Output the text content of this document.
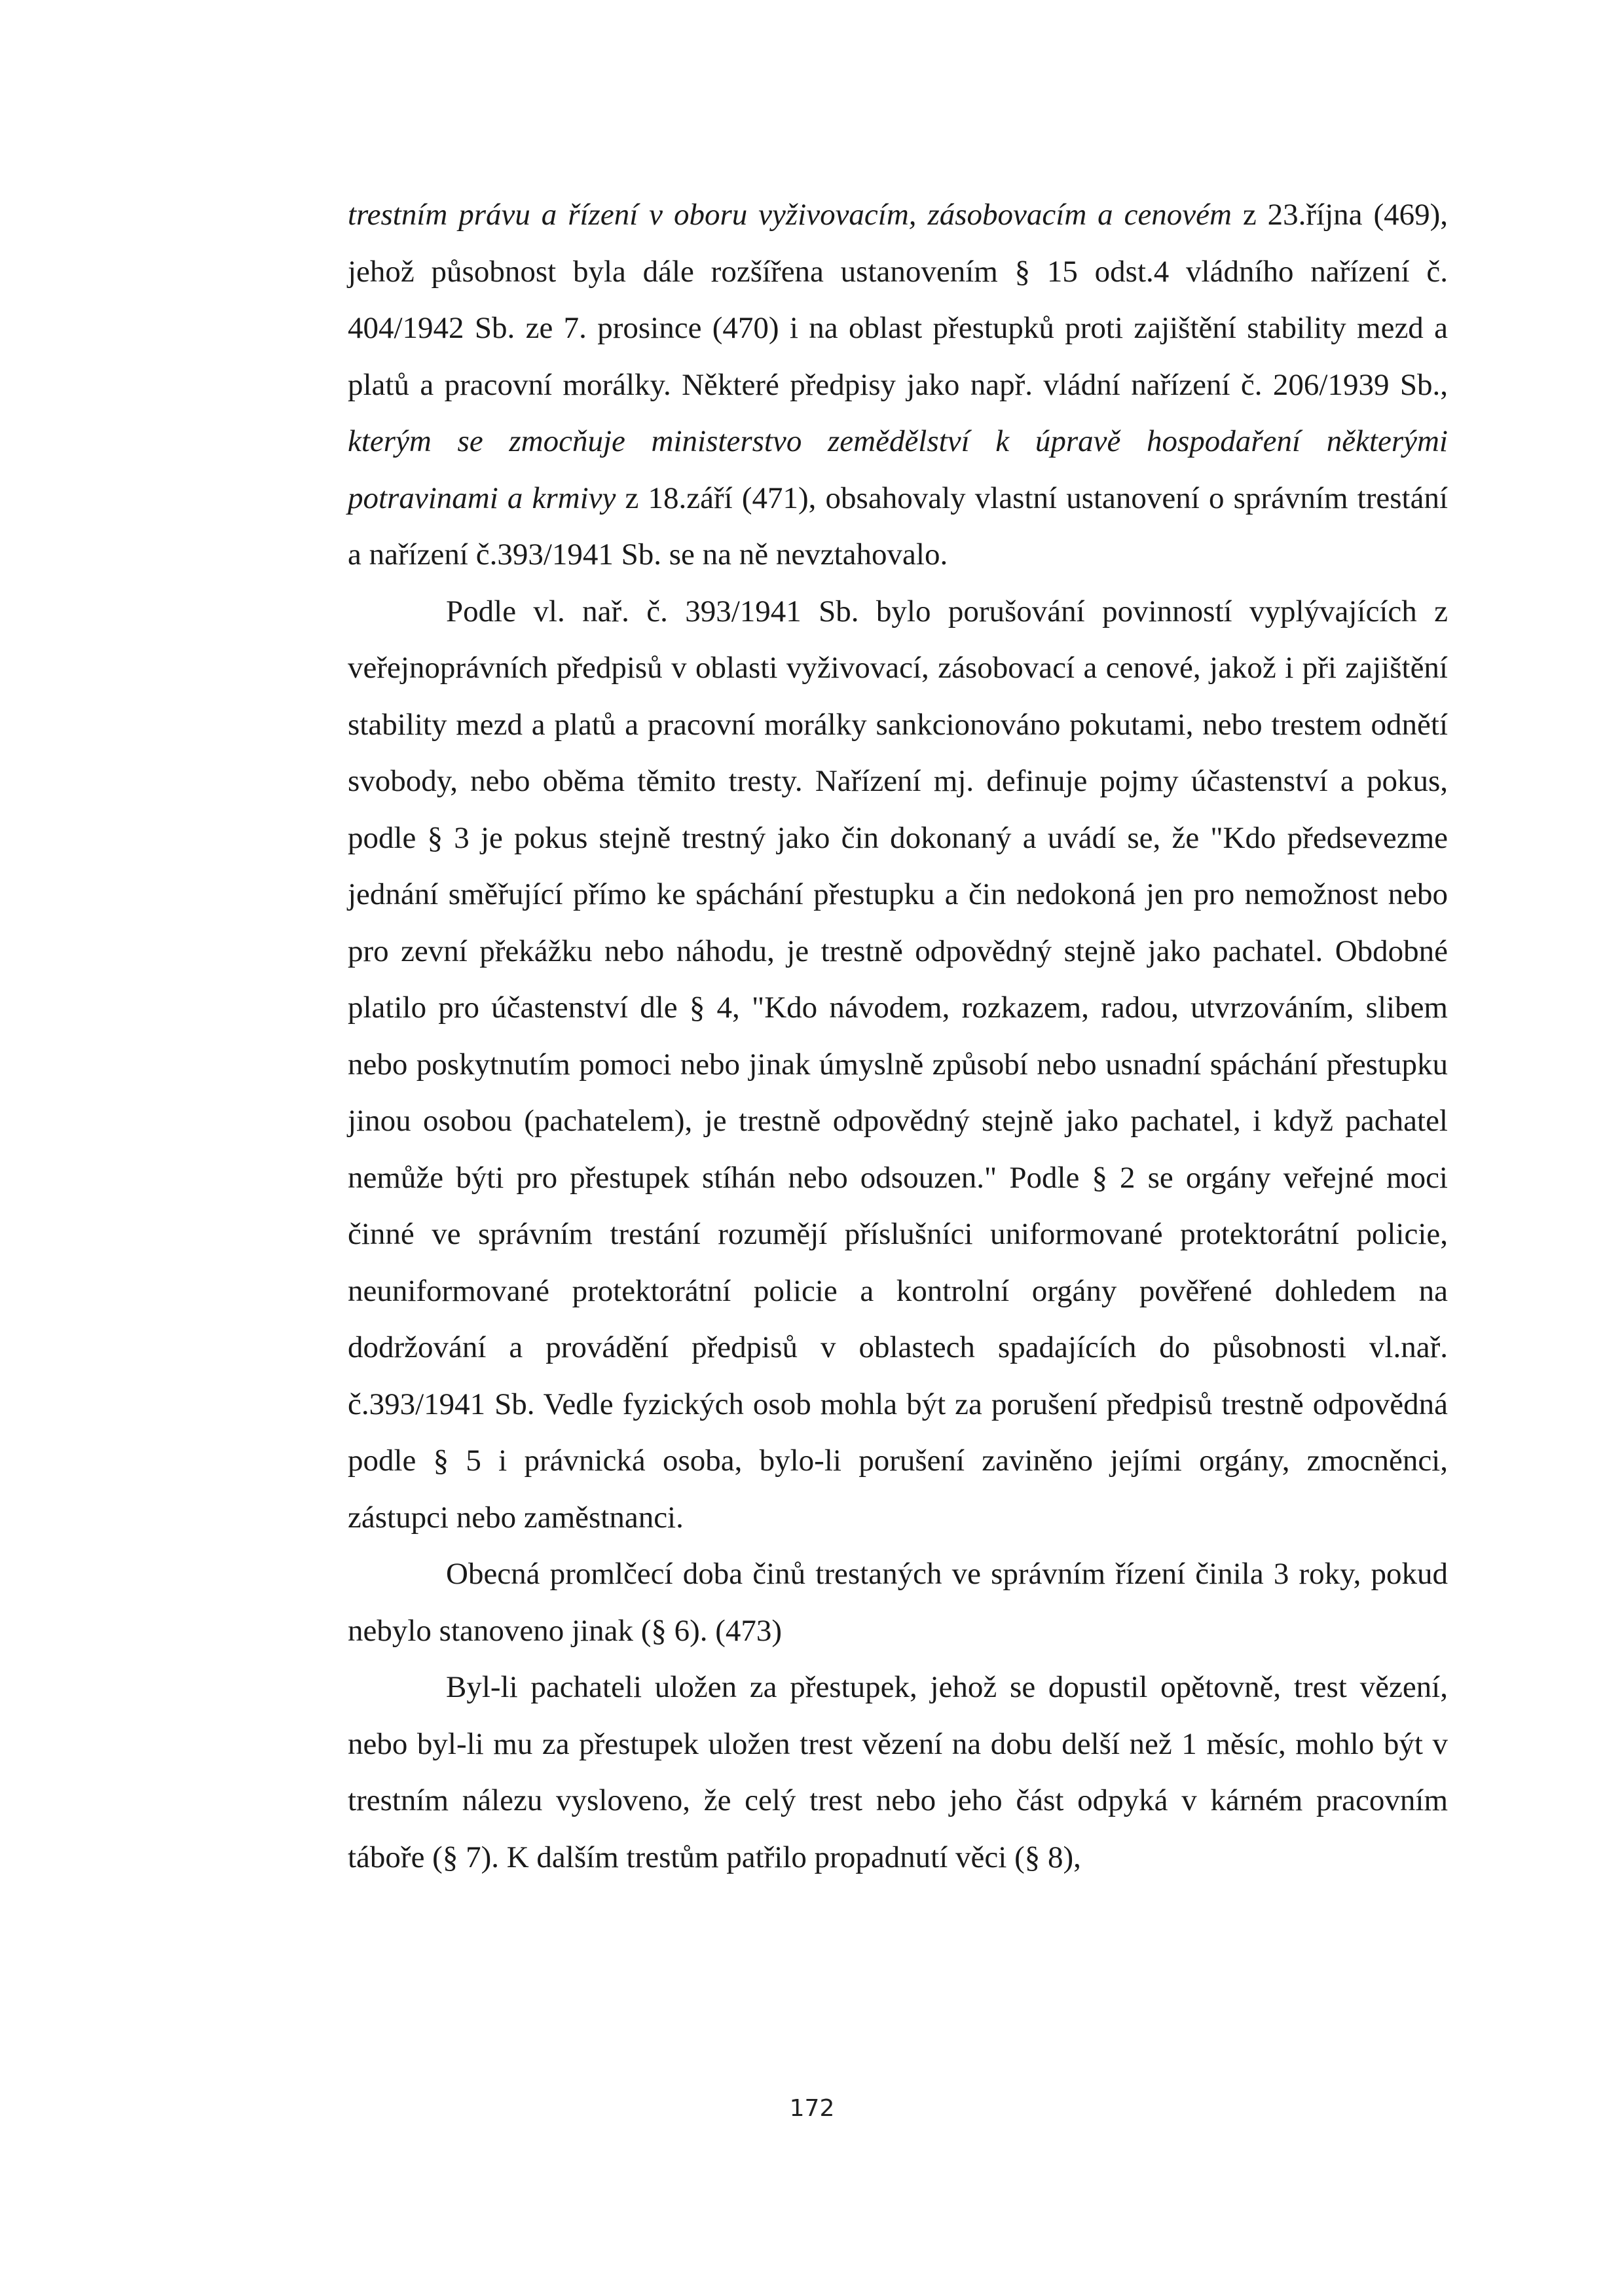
trestním právu a řízení v oboru vyživovacím, zásobovacím a cenovém z 23.října (469), jehož působnost byla dále rozšířena ustanovením § 15 odst.4 vládního nařízení č. 404/1942 Sb. ze 7. prosince (470) i na oblast přestupků proti zajištění stability mezd a platů a pracovní morálky. Některé předpisy jako např. vládní nařízení č. 206/1939 Sb., kterým se zmocňuje ministerstvo zemědělství k úpravě hospodaření některými potravinami a krmivy z 18.září (471), obsahovaly vlastní ustanovení o správním trestání a nařízení č.393/1941 Sb. se na ně nevztahovalo.

Podle vl. nař. č. 393/1941 Sb. bylo porušování povinností vyplývajících z veřejnoprávních předpisů v oblasti vyživovací, zásobovací a cenové, jakož i při zajištění stability mezd a platů a pracovní morálky sankcionováno pokutami, nebo trestem odnětí svobody, nebo oběma těmito tresty. Nařízení mj. definuje pojmy účastenství a pokus, podle § 3 je pokus stejně trestný jako čin dokonaný a uvádí se, že "Kdo předsevezme jednání směřující přímo ke spáchání přestupku a čin nedokoná jen pro nemožnost nebo pro zevní překážku nebo náhodu, je trestně odpovědný stejně jako pachatel. Obdobné platilo pro účastenství dle § 4, "Kdo návodem, rozkazem, radou, utvrzováním, slibem nebo poskytnutím pomoci nebo jinak úmyslně způsobí nebo usnadní spáchání přestupku jinou osobou (pachatelem), je trestně odpovědný stejně jako pachatel, i když pachatel nemůže býti pro přestupek stíhán nebo odsouzen." Podle § 2 se orgány veřejné moci činné ve správním trestání rozumějí příslušníci uniformované protektorátní policie, neuniformované protektorátní policie a kontrolní orgány pověřené dohledem na dodržování a provádění předpisů v oblastech spadajících do působnosti vl.nař. č.393/1941 Sb. Vedle fyzických osob mohla být za porušení předpisů trestně odpovědná podle § 5 i právnická osoba, bylo-li porušení zaviněno jejími orgány, zmocněnci, zástupci nebo zaměstnanci.

Obecná promlčecí doba činů trestaných ve správním řízení činila 3 roky, pokud nebylo stanoveno jinak (§ 6). (473)

Byl-li pachateli uložen za přestupek, jehož se dopustil opětovně, trest vězení, nebo byl-li mu za přestupek uložen trest vězení na dobu delší než 1 měsíc, mohlo být v trestním nálezu vysloveno, že celý trest nebo jeho část odpyká v kárném pracovním táboře (§ 7). K dalším trestům patřilo propadnutí věci (§ 8),

172
